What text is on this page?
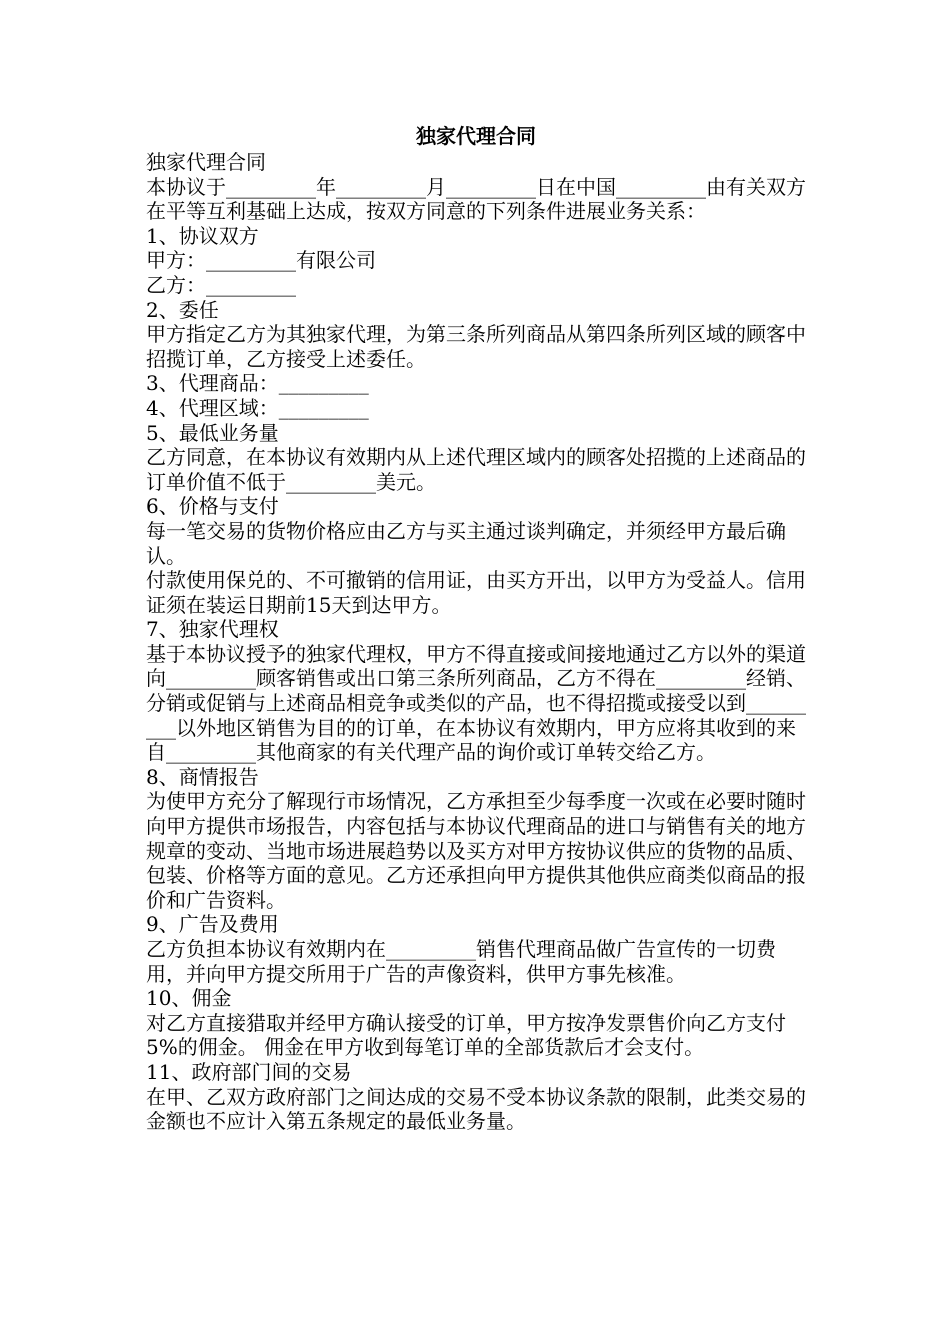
独家代理合同

独家代理合同

本协议于_________年_________月_________日在中国_________由有关双方在平等互利基础上达成，按双方同意的下列条件进展业务关系：

1、协议双方

甲方：_________有限公司

乙方：_________

2、委任

甲方指定乙方为其独家代理，为第三条所列商品从第四条所列区域的顾客中招揽订单，乙方接受上述委任。

3、代理商品：_________

4、代理区域：_________

5、最低业务量

乙方同意，在本协议有效期内从上述代理区域内的顾客处招揽的上述商品的订单价值不低于_________美元。

6、价格与支付

每一笔交易的货物价格应由乙方与买主通过谈判确定，并须经甲方最后确认。

付款使用保兑的、不可撤销的信用证，由买方开出，以甲方为受益人。信用证须在装运日期前15天到达甲方。

7、独家代理权

基于本协议授予的独家代理权，甲方不得直接或间接地通过乙方以外的渠道向_________顾客销售或出口第三条所列商品，乙方不得在_________经销、分销或促销与上述商品相竞争或类似的产品，也不得招揽或接受以到_________以外地区销售为目的的订单，在本协议有效期内，甲方应将其收到的来自_________其他商家的有关代理产品的询价或订单转交给乙方。

8、商情报告

为使甲方充分了解现行市场情况，乙方承担至少每季度一次或在必要时随时向甲方提供市场报告，内容包括与本协议代理商品的进口与销售有关的地方规章的变动、当地市场进展趋势以及买方对甲方按协议供应的货物的品质、包装、价格等方面的意见。乙方还承担向甲方提供其他供应商类似商品的报价和广告资料。

9、广告及费用

乙方负担本协议有效期内在_________销售代理商品做广告宣传的一切费用，并向甲方提交所用于广告的声像资料，供甲方事先核准。

10、佣金

对乙方直接猎取并经甲方确认接受的订单，甲方按净发票售价向乙方支付5%的佣金。 佣金在甲方收到每笔订单的全部货款后才会支付。

11、政府部门间的交易

在甲、乙双方政府部门之间达成的交易不受本协议条款的限制，此类交易的金额也不应计入第五条规定的最低业务量。
